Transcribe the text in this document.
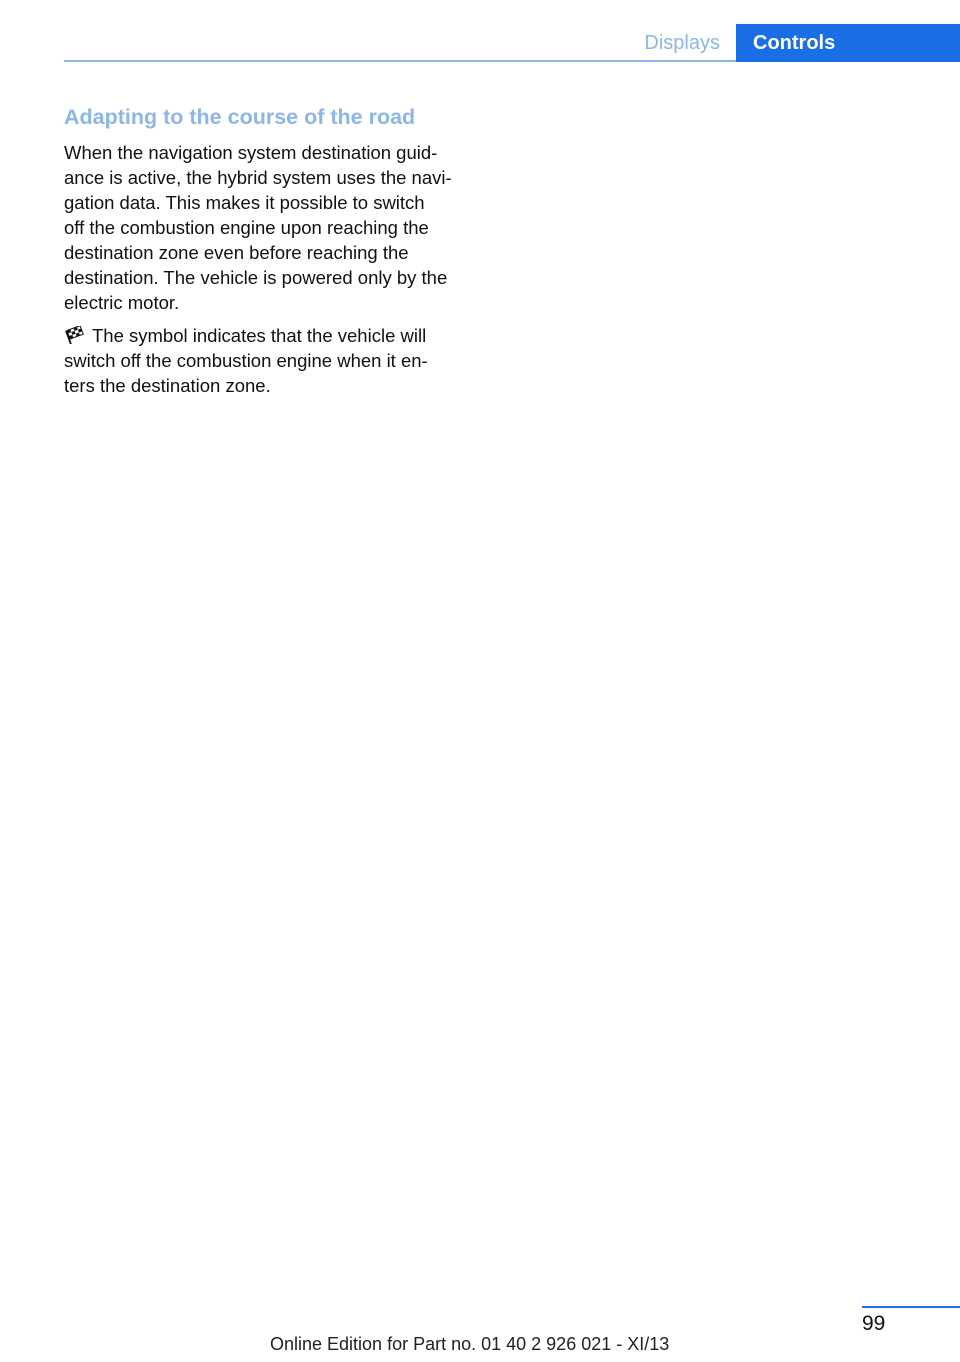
Displays	Controls
Adapting to the course of the road

When the navigation system destination guid‐
ance is active, the hybrid system uses the navi‐
gation data. This makes it possible to switch
off the combustion engine upon reaching the
destination zone even before reaching the
destination. The vehicle is powered only by the
electric motor.

The symbol indicates that the vehicle will
switch off the combustion engine when it en‐
ters the destination zone.

99
Online Edition for Part no. 01 40 2 926 021 - XI/13
